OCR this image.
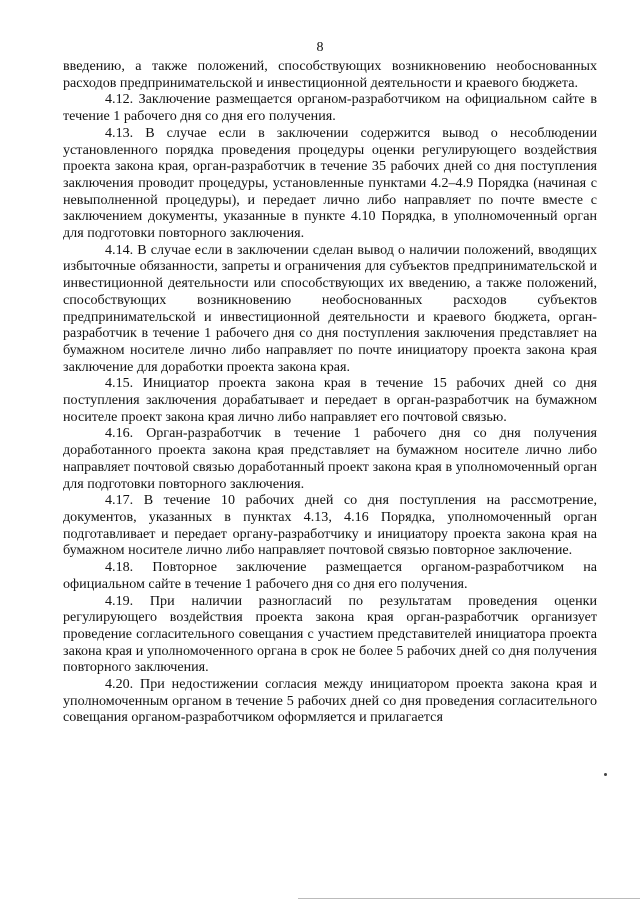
8

введению, а также положений, способствующих возникновению необоснованных расходов предпринимательской и инвестиционной деятельности и краевого бюджета.

4.12. Заключение размещается органом-разработчиком на официальном сайте в течение 1 рабочего дня со дня его получения.

4.13. В случае если в заключении содержится вывод о несоблюдении установленного порядка проведения процедуры оценки регулирующего воздействия проекта закона края, орган-разработчик в течение 35 рабочих дней со дня поступления заключения проводит процедуры, установленные пунктами 4.2–4.9 Порядка (начиная с невыполненной процедуры), и передает лично либо направляет по почте вместе с заключением документы, указанные в пункте 4.10 Порядка, в уполномоченный орган для подготовки повторного заключения.

4.14. В случае если в заключении сделан вывод о наличии положений, вводящих избыточные обязанности, запреты и ограничения для субъектов предпринимательской и инвестиционной деятельности или способствующих их введению, а также положений, способствующих возникновению необоснованных расходов субъектов предпринимательской и инвестиционной деятельности и краевого бюджета, орган-разработчик в течение 1 рабочего дня со дня поступления заключения представляет на бумажном носителе лично либо направляет по почте инициатору проекта закона края заключение для доработки проекта закона края.

4.15. Инициатор проекта закона края в течение 15 рабочих дней со дня поступления заключения дорабатывает и передает в орган-разработчик на бумажном носителе проект закона края лично либо направляет его почтовой связью.

4.16. Орган-разработчик в течение 1 рабочего дня со дня получения доработанного проекта закона края представляет на бумажном носителе лично либо направляет почтовой связью доработанный проект закона края в уполномоченный орган для подготовки повторного заключения.

4.17. В течение 10 рабочих дней со дня поступления на рассмотрение, документов, указанных в пунктах 4.13, 4.16 Порядка, уполномоченный орган подготавливает и передает органу-разработчику и инициатору проекта закона края на бумажном носителе лично либо направляет почтовой связью повторное заключение.

4.18. Повторное заключение размещается органом-разработчиком на официальном сайте в течение 1 рабочего дня со дня его получения.

4.19. При наличии разногласий по результатам проведения оценки регулирующего воздействия проекта закона края орган-разработчик организует проведение согласительного совещания с участием представителей инициатора проекта закона края и уполномоченного органа в срок не более 5 рабочих дней со дня получения повторного заключения.

4.20. При недостижении согласия между инициатором проекта закона края и уполномоченным органом в течение 5 рабочих дней со дня проведения согласительного совещания органом-разработчиком оформляется и прилагается
